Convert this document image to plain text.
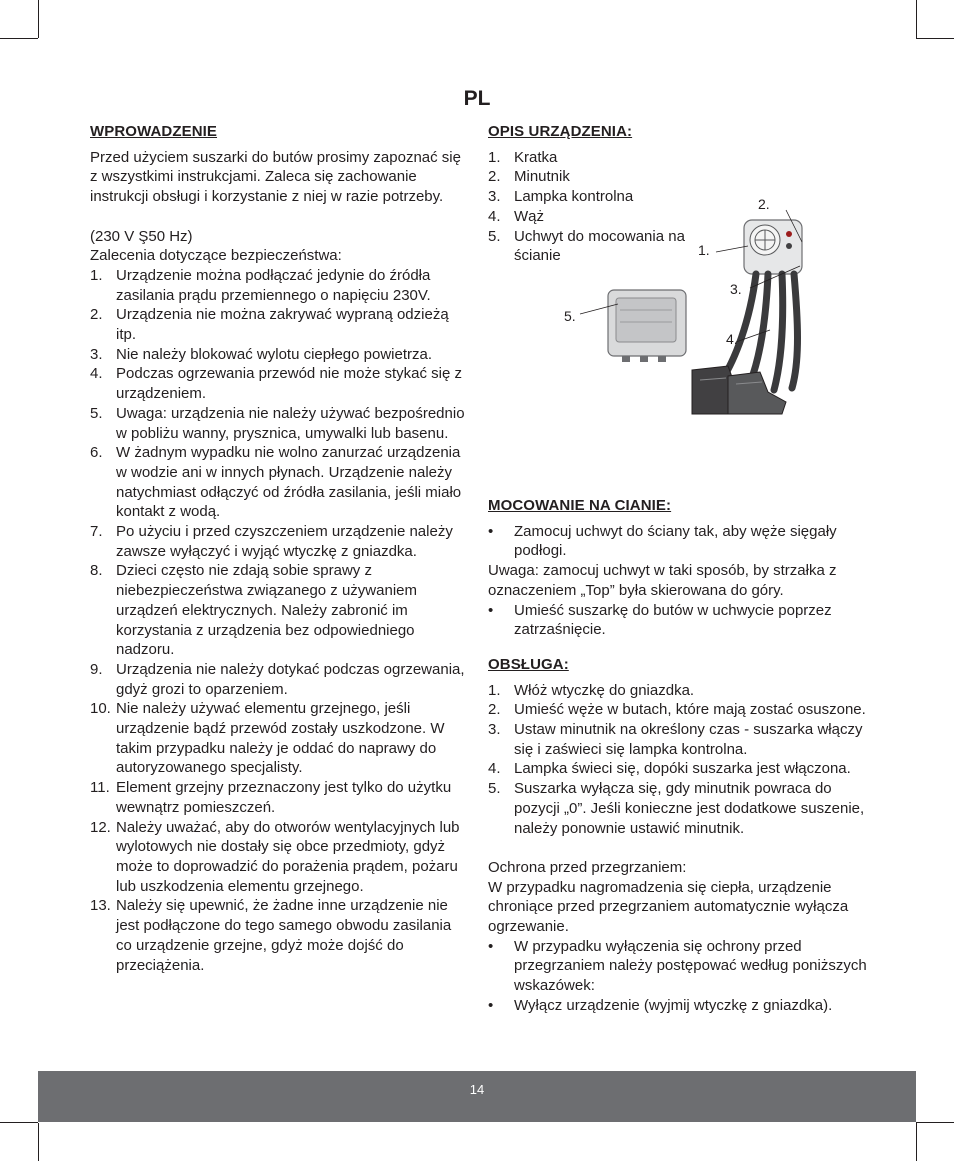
PL
WPROWADZENIE

Przed użyciem suszarki do butów prosimy zapoznać się z wszystkimi instrukcjami. Zaleca się zachowanie instrukcji obsługi i korzystanie z niej w razie potrzeby.

(230 V Ş50 Hz)

Zalecenia dotyczące bezpieczeństwa:

1. Urządzenie można podłączać jedynie do źródła zasilania prądu przemiennego o napięciu 230V.
2. Urządzenia nie można zakrywać wypraną odzieżą itp.
3. Nie należy blokować wylotu ciepłego powietrza.
4. Podczas ogrzewania przewód nie może stykać się z urządzeniem.
5. Uwaga: urządzenia nie należy używać bezpośrednio w pobliżu wanny, prysznica, umywalki lub basenu.
6. W żadnym wypadku nie wolno zanurzać urządzenia w wodzie ani w innych płynach. Urządzenie należy natychmiast odłączyć od źródła zasilania, jeśli miało kontakt z wodą.
7. Po użyciu i przed czyszczeniem urządzenie należy zawsze wyłączyć i wyjąć wtyczkę z gniazdka.
8. Dzieci często nie zdają sobie sprawy z niebezpieczeństwa związanego z używaniem urządzeń elektrycznych. Należy zabronić im korzystania z urządzenia bez odpowiedniego nadzoru.
9. Urządzenia nie należy dotykać podczas ogrzewania, gdyż grozi to oparzeniem.
10. Nie należy używać elementu grzejnego, jeśli urządzenie bądź przewód zostały uszkodzone. W takim przypadku należy je oddać do naprawy do autoryzowanego specjalisty.
11. Element grzejny przeznaczony jest tylko do użytku wewnątrz pomieszczeń.
12. Należy uważać, aby do otworów wentylacyjnych lub wylotowych nie dostały się obce przedmioty, gdyż może to doprowadzić do porażenia prądem, pożaru lub uszkodzenia elementu grzejnego.
13. Należy się upewnić, że żadne inne urządzenie nie jest podłączone do tego samego obwodu zasilania co urządzenie grzejne, gdyż może dojść do przeciążenia.
OPIS URZĄDZENIA:
1. Kratka
2. Minutnik
3. Lampka kontrolna
4. Wąż
5. Uchwyt do mocowania na ścianie	1.
2.
3.
4.
5.
MOCOWANIE NA CIANIE:
• Zamocuj uchwyt do ściany tak, aby węże sięgały podłogi.

Uwaga: zamocuj uchwyt w taki sposób, by strzałka z oznaczeniem „Top” była skierowana do góry.

• Umieść suszarkę do butów w uchwycie poprzez zatrzaśnięcie.
OBSŁUGA:
1. Włóż wtyczkę do gniazdka.
2. Umieść węże w butach, które mają zostać osuszone.
3. Ustaw minutnik na określony czas ‑ suszarka włączy się i zaświeci się lampka kontrolna.
4. Lampka świeci się, dopóki suszarka jest włączona.
5. Suszarka wyłącza się, gdy minutnik powraca do pozycji „0”. Jeśli konieczne jest dodatkowe suszenie, należy ponownie ustawić minutnik.

Ochrona przed przegrzaniem:

W przypadku nagromadzenia się ciepła, urządzenie chroniące przed przegrzaniem automatycznie wyłącza ogrzewanie.

• W przypadku wyłączenia się ochrony przed przegrzaniem należy postępować według poniższych wskazówek:
• Wyłącz urządzenie (wyjmij wtyczkę z gniazdka).
14
